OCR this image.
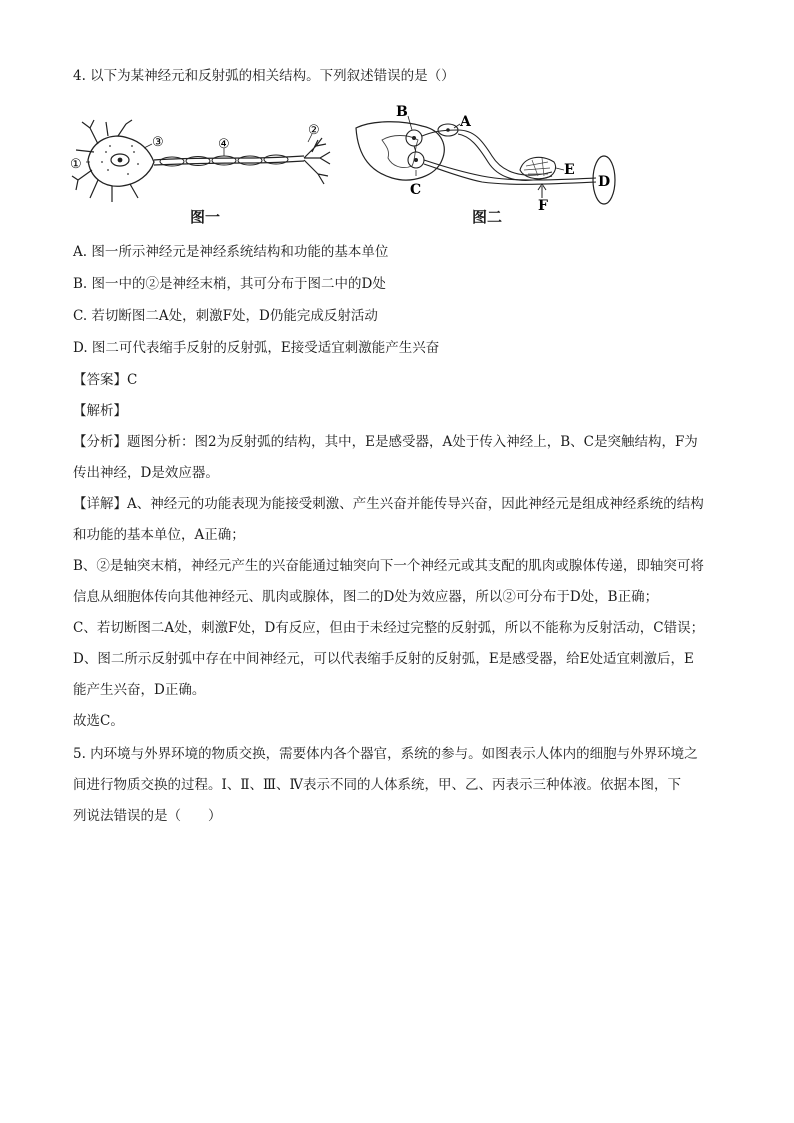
4. 以下为某神经元和反射弧的相关结构。下列叙述错误的是（）
①
③	④
②
图一
B
A
C
E
D
F
图二
A. 图一所示神经元是神经系统结构和功能的基本单位
B. 图一中的②是神经末梢，其可分布于图二中的D处
C. 若切断图二A处，刺激F处，D仍能完成反射活动
D. 图二可代表缩手反射的反射弧，E接受适宜刺激能产生兴奋
【答案】C
【解析】
【分析】题图分析：图2为反射弧的结构，其中，E是感受器，A处于传入神经上，B、C是突触结构，F为
传出神经，D是效应器。
【详解】A、神经元的功能表现为能接受刺激、产生兴奋并能传导兴奋，因此神经元是组成神经系统的结构
和功能的基本单位，A正确；
B、②是轴突末梢，神经元产生的兴奋能通过轴突向下一个神经元或其支配的肌肉或腺体传递，即轴突可将
信息从细胞体传向其他神经元、肌肉或腺体，图二的D处为效应器，所以②可分布于D处，B正确；
C、若切断图二A处，刺激F处，D有反应，但由于未经过完整的反射弧，所以不能称为反射活动，C错误；
D、图二所示反射弧中存在中间神经元，可以代表缩手反射的反射弧，E是感受器，给E处适宜刺激后，E
能产生兴奋，D正确。
故选C。
5. 内环境与外界环境的物质交换，需要体内各个器官，系统的参与。如图表示人体内的细胞与外界环境之
间进行物质交换的过程。Ⅰ、Ⅱ、Ⅲ、Ⅳ表示不同的人体系统，甲、乙、丙表示三种体液。依据本图，下
列说法错误的是（　　）
